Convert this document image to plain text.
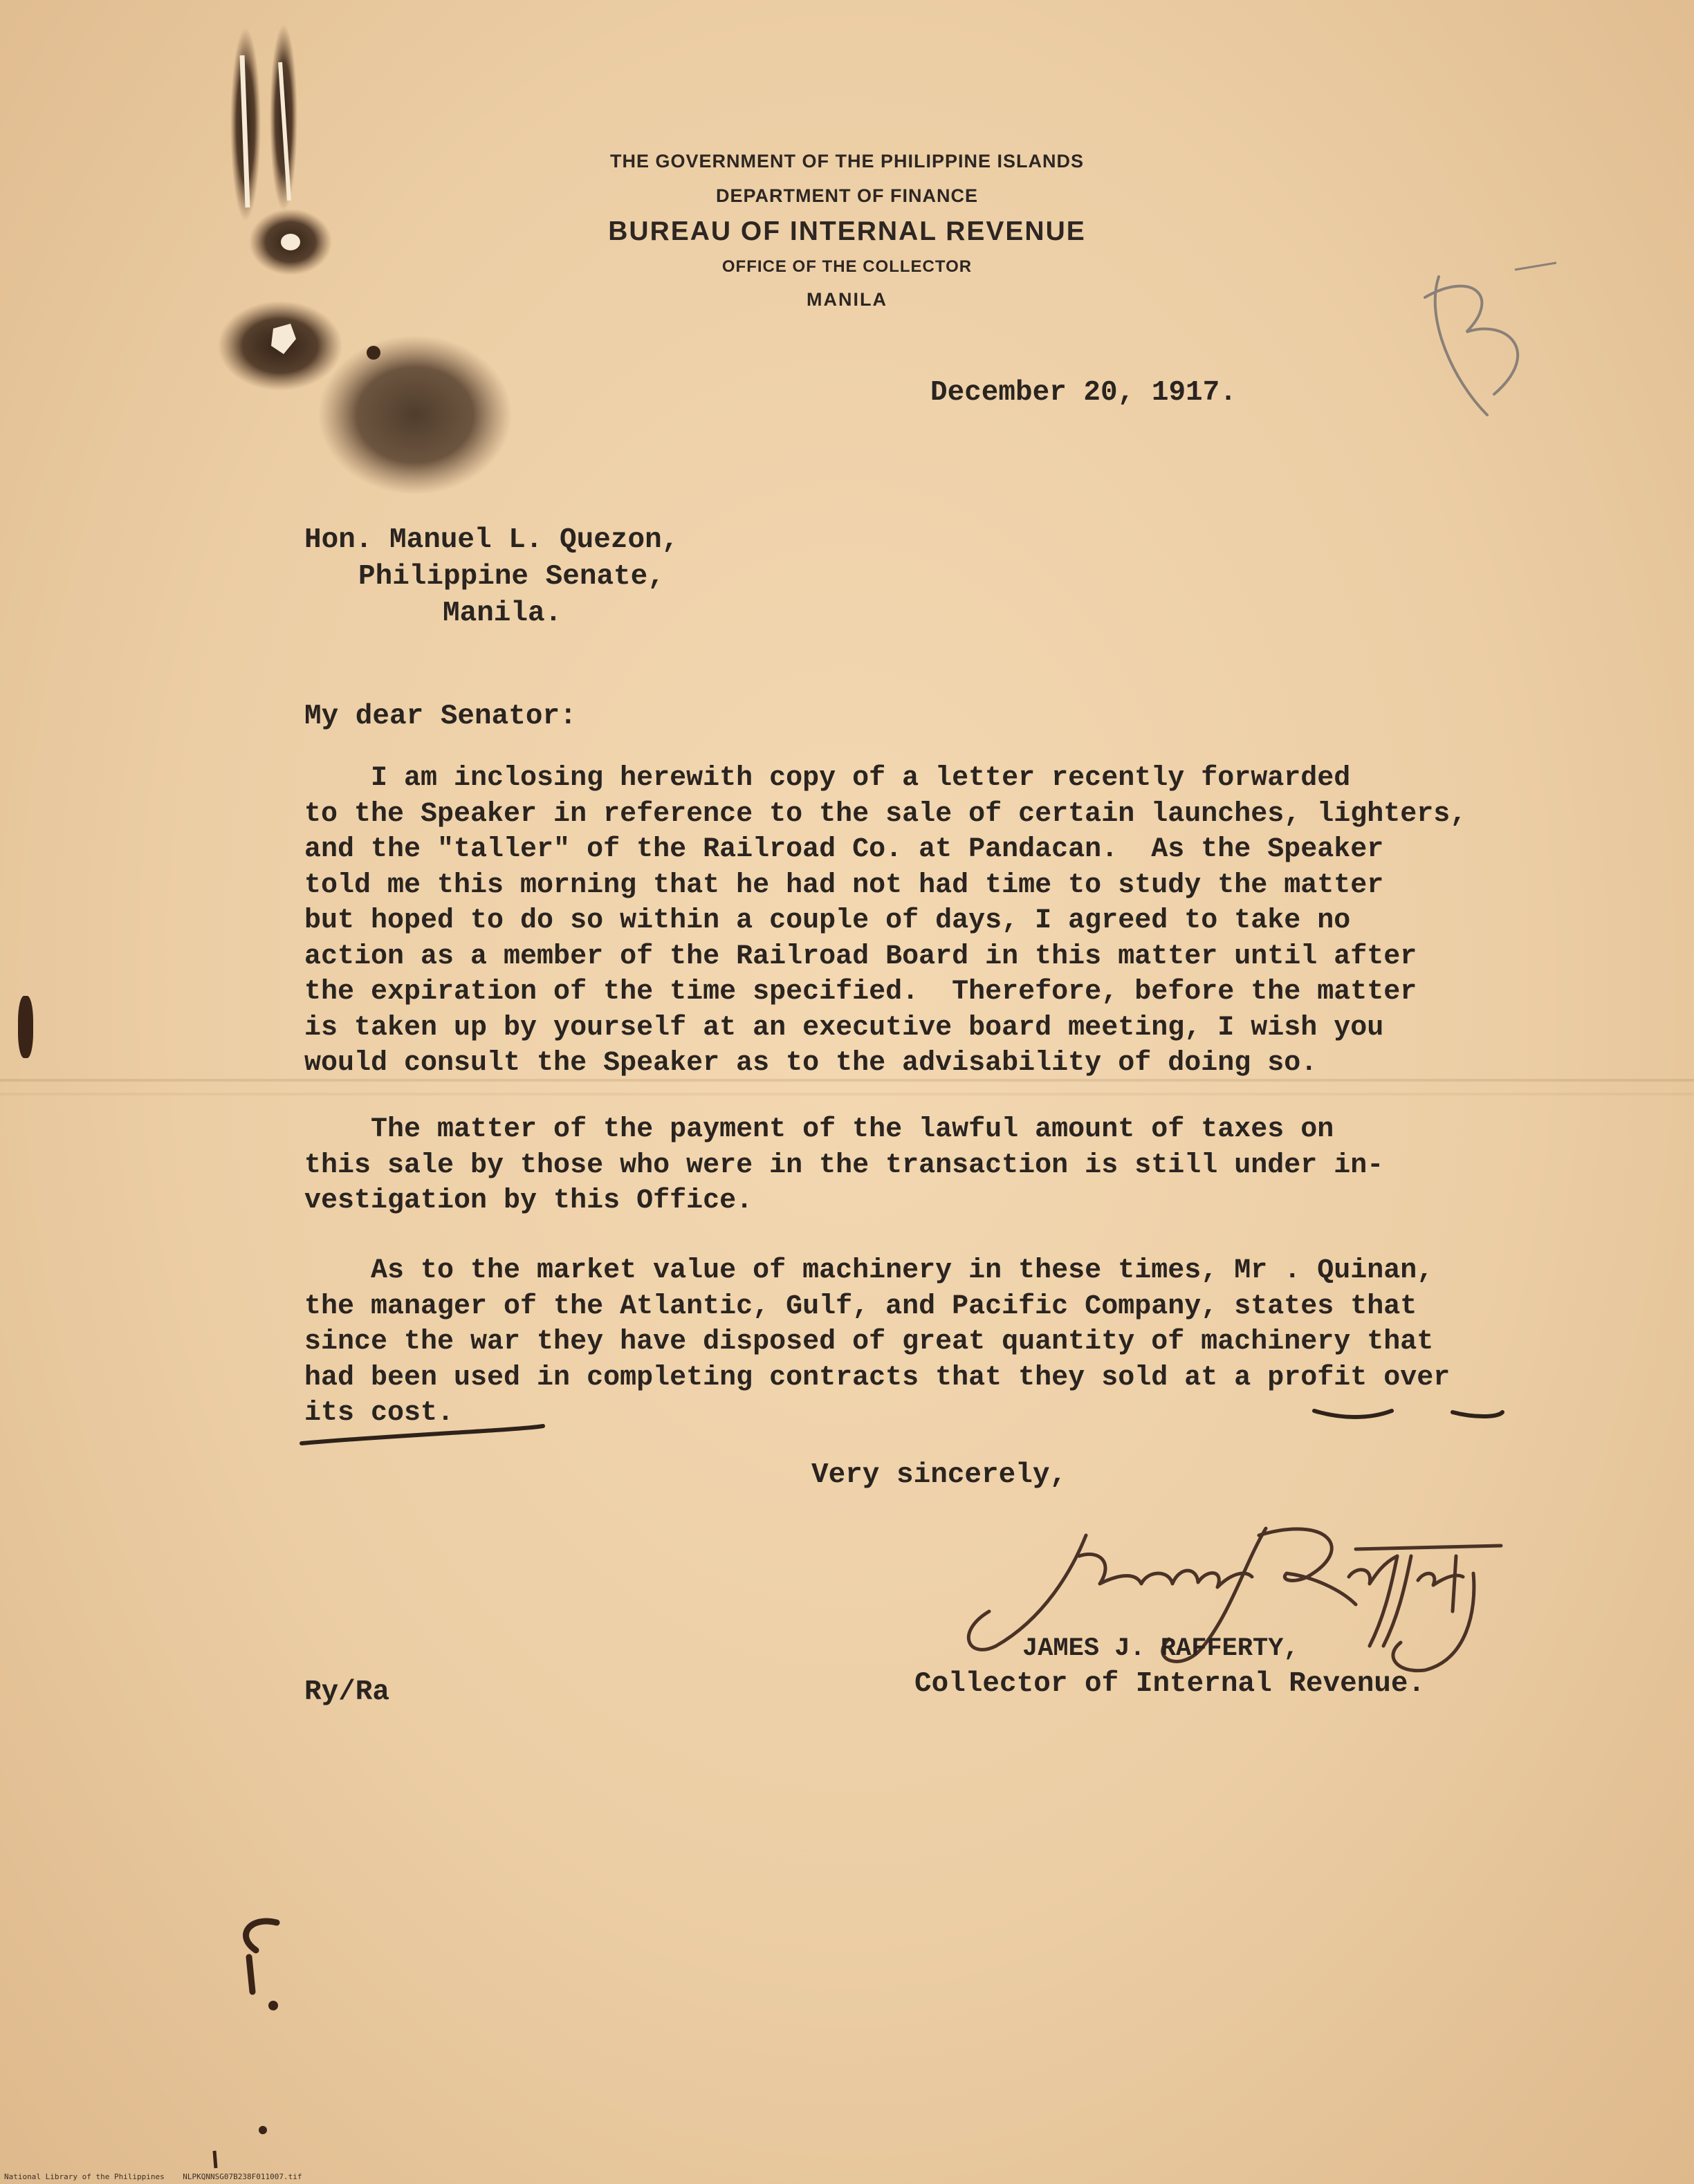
THE GOVERNMENT OF THE PHILIPPINE ISLANDS
DEPARTMENT OF FINANCE
BUREAU OF INTERNAL REVENUE
OFFICE OF THE COLLECTOR
MANILA
December 20, 1917.
Hon. Manuel L. Quezon,
Philippine Senate,
Manila.
My dear Senator:
I am inclosing herewith copy of a letter recently forwarded
to the Speaker in reference to the sale of certain launches, lighters,
and the "taller" of the Railroad Co. at Pandacan.  As the Speaker
told me this morning that he had not had time to study the matter
but hoped to do so within a couple of days, I agreed to take no
action as a member of the Railroad Board in this matter until after
the expiration of the time specified.  Therefore, before the matter
is taken up by yourself at an executive board meeting, I wish you
would consult the Speaker as to the advisability of doing so.
The matter of the payment of the lawful amount of taxes on
this sale by those who were in the transaction is still under in-
vestigation by this Office.
As to the market value of machinery in these times, Mr . Quinan,
the manager of the Atlantic, Gulf, and Pacific Company, states that
since the war they have disposed of great quantity of machinery that
had been used in completing contracts that they sold at a profit over
its cost.
Very sincerely,
JAMES J. RAFFERTY,
Collector of Internal Revenue.
Ry/Ra
National Library of the Philippines    NLPKQNNSG07B238F011007.tif
